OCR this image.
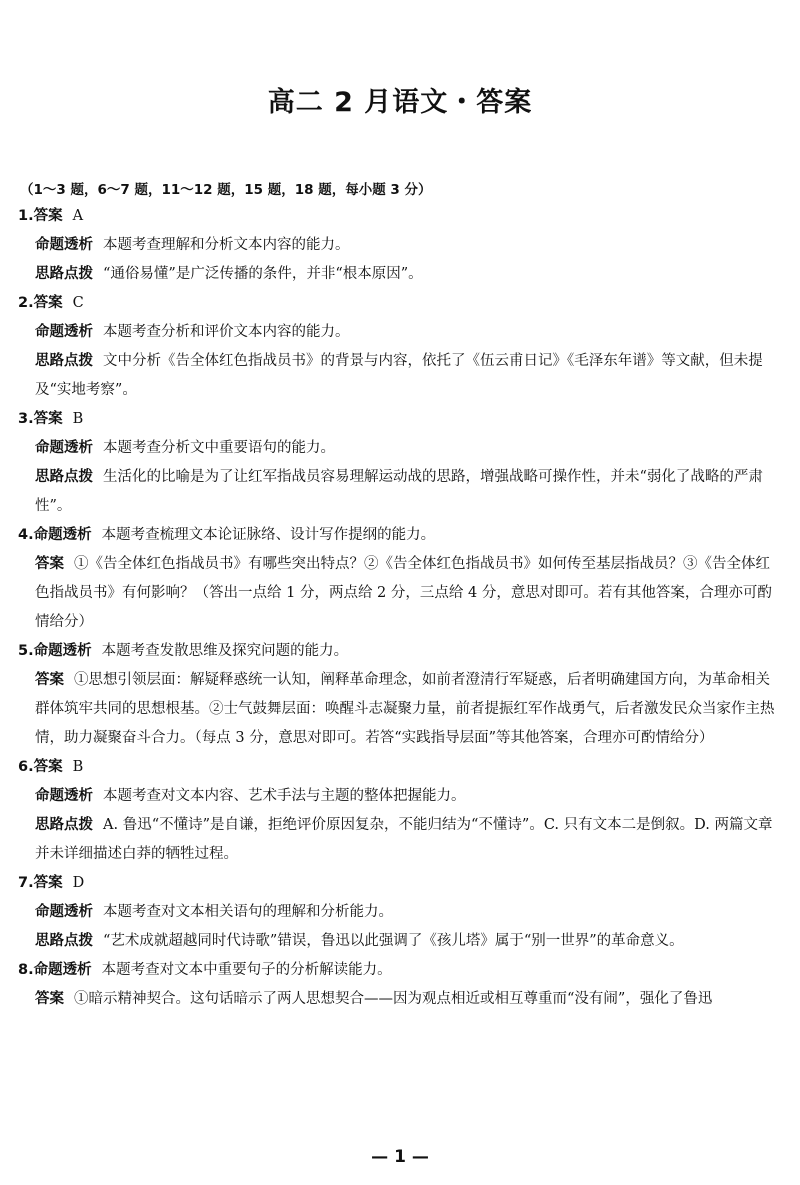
高二 2 月语文・答案
（1～3 题，6～7 题，11～12 题，15 题，18 题，每小题 3 分）
1.答案 A
命题透析 本题考查理解和分析文本内容的能力。
思路点拨 “通俗易懂”是广泛传播的条件，并非“根本原因”。
2.答案 C
命题透析 本题考查分析和评价文本内容的能力。
思路点拨 文中分析《告全体红色指战员书》的背景与内容，依托了《伍云甫日记》《毛泽东年谱》等文献，但未提及“实地考察”。
3.答案 B
命题透析 本题考查分析文中重要语句的能力。
思路点拨 生活化的比喻是为了让红军指战员容易理解运动战的思路，增强战略可操作性，并未“弱化了战略的严肃性”。
4.命题透析 本题考查梳理文本论证脉络、设计写作提纲的能力。
答案 ①《告全体红色指战员书》有哪些突出特点？②《告全体红色指战员书》如何传至基层指战员？③《告全体红色指战员书》有何影响？（答出一点给 1 分，两点给 2 分，三点给 4 分，意思对即可。若有其他答案，合理亦可酌情给分）
5.命题透析 本题考查发散思维及探究问题的能力。
答案 ①思想引领层面：解疑释惑统一认知，阐释革命理念，如前者澄清行军疑惑，后者明确建国方向，为革命相关群体筑牢共同的思想根基。②士气鼓舞层面：唤醒斗志凝聚力量，前者提振红军作战勇气，后者激发民众当家作主热情，助力凝聚奋斗合力。（每点 3 分，意思对即可。若答“实践指导层面”等其他答案，合理亦可酌情给分）
6.答案 B
命题透析 本题考查对文本内容、艺术手法与主题的整体把握能力。
思路点拨 A. 鲁迅“不懂诗”是自谦，拒绝评价原因复杂，不能归结为“不懂诗”。C. 只有文本二是倒叙。D. 两篇文章并未详细描述白莽的牺牲过程。
7.答案 D
命题透析 本题考查对文本相关语句的理解和分析能力。
思路点拨 “艺术成就超越同时代诗歌”错误，鲁迅以此强调了《孩儿塔》属于“别一世界”的革命意义。
8.命题透析 本题考查对文本中重要句子的分析解读能力。
答案 ①暗示精神契合。这句话暗示了两人思想契合——因为观点相近或相互尊重而“没有闹”，强化了鲁迅
— 1 —
